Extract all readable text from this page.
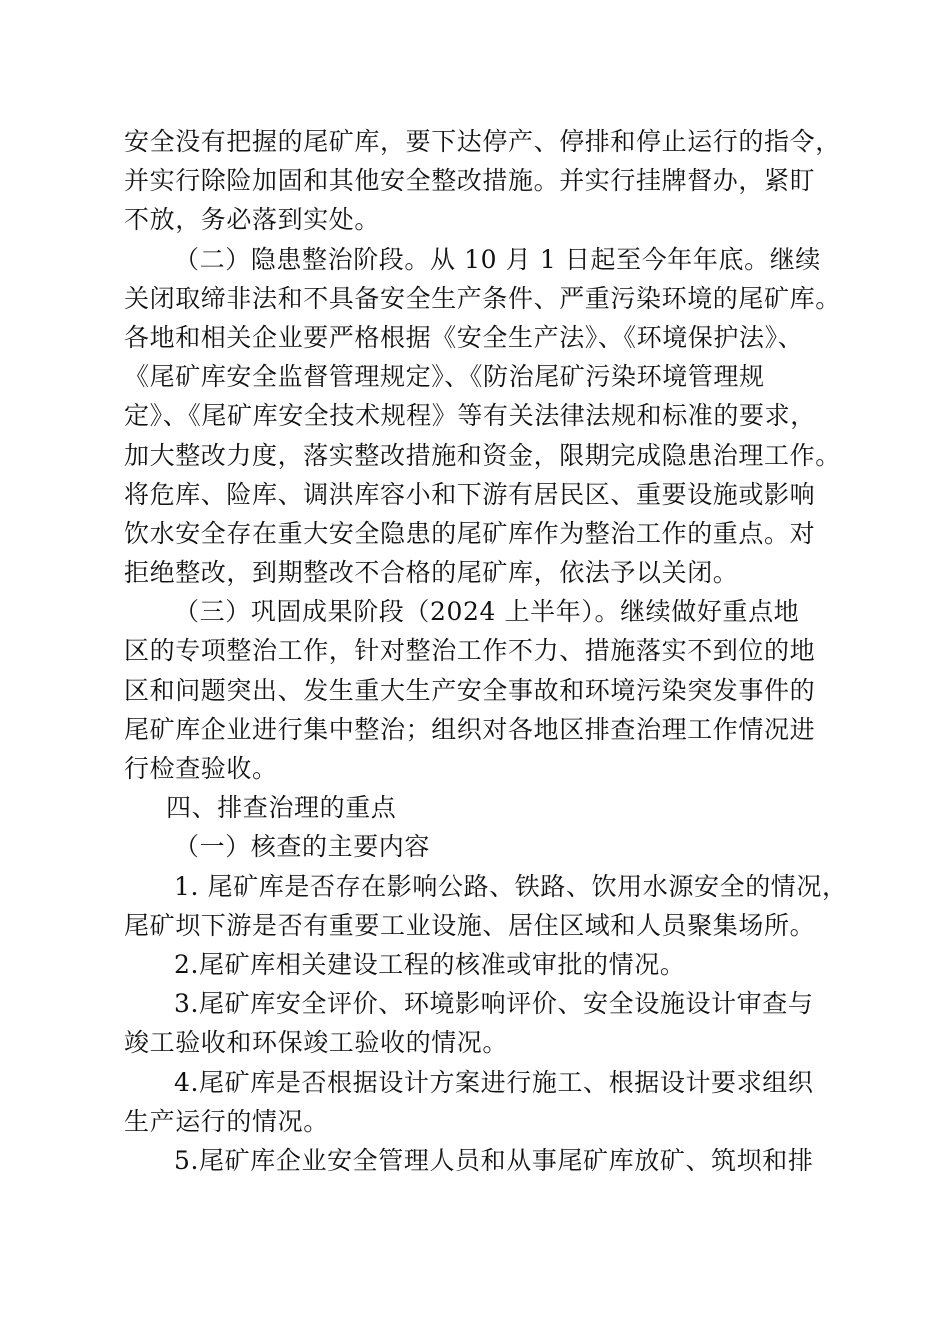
安全没有把握的尾矿库，要下达停产、停排和停止运行的指令，
并实行除险加固和其他安全整改措施。并实行挂牌督办，紧盯
不放，务必落到实处。
（二）隐患整治阶段。从 10 月 1 日起至今年年底。继续
关闭取缔非法和不具备安全生产条件、严重污染环境的尾矿库。
各地和相关企业要严格根据《安全生产法》、《环境保护法》、
《尾矿库安全监督管理规定》、《防治尾矿污染环境管理规
定》、《尾矿库安全技术规程》等有关法律法规和标准的要求，
加大整改力度，落实整改措施和资金，限期完成隐患治理工作。
将危库、险库、调洪库容小和下游有居民区、重要设施或影响
饮水安全存在重大安全隐患的尾矿库作为整治工作的重点。对
拒绝整改，到期整改不合格的尾矿库，依法予以关闭。
（三）巩固成果阶段（2024 上半年）。继续做好重点地
区的专项整治工作，针对整治工作不力、措施落实不到位的地
区和问题突出、发生重大生产安全事故和环境污染突发事件的
尾矿库企业进行集中整治；组织对各地区排查治理工作情况进
行检查验收。
四、排查治理的重点
（一）核查的主要内容
1. 尾矿库是否存在影响公路、铁路、饮用水源安全的情况，
尾矿坝下游是否有重要工业设施、居住区域和人员聚集场所。
2.尾矿库相关建设工程的核准或审批的情况。
3.尾矿库安全评价、环境影响评价、安全设施设计审查与
竣工验收和环保竣工验收的情况。
4.尾矿库是否根据设计方案进行施工、根据设计要求组织
生产运行的情况。
5.尾矿库企业安全管理人员和从事尾矿库放矿、筑坝和排
